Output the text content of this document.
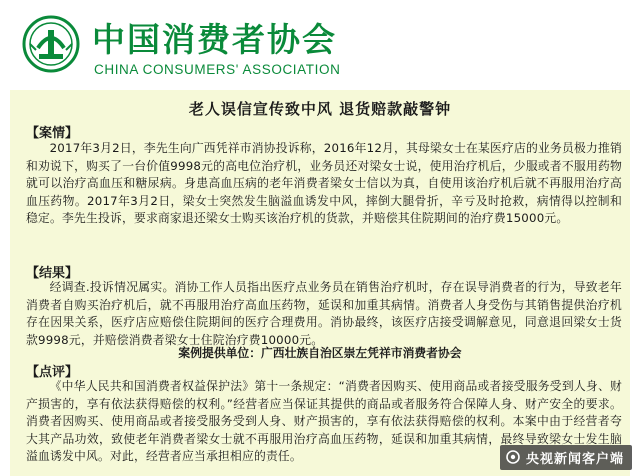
中国消费者协会
CHINA CONSUMERS' ASSOCIATION
老人误信宣传致中风 退货赔款敲警钟
【案情】
2017年3月2日，李先生向广西凭祥市消协投诉称，2016年12月，其母梁女士在某医疗店的业务员极力推销和劝说下，购买了一台价值9998元的高电位治疗机，业务员还对梁女士说，使用治疗机后，少服或者不服用药物就可以治疗高血压和糖尿病。身患高血压病的老年消费者梁女士信以为真，自使用该治疗机后就不再服用治疗高血压药物。2017年3月2日，梁女士突然发生脑溢血诱发中风，摔倒大腿骨折，辛亏及时抢救，病情得以控制和稳定。李先生投诉，要求商家退还梁女士购买该治疗机的货款，并赔偿其住院期间的治疗费15000元。
【结果】
经调查.投诉情况属实。消协工作人员指出医疗点业务员在销售治疗机时，存在误导消费者的行为，导致老年消费者自购买治疗机后，就不再服用治疗高血压药物，延误和加重其病情。消费者人身受伤与其销售提供治疗机存在因果关系，医疗店应赔偿住院期间的医疗合理费用。消协最终，该医疗店接受调解意见，同意退回梁女士货款9998元，并赔偿消费者梁女士住院治疗费10000元。
案例提供单位：广西壮族自治区崇左凭祥市消费者协会
【点评】
《中华人民共和国消费者权益保护法》第十一条规定：“消费者因购买、使用商品或者接受服务受到人身、财产损害的，享有依法获得赔偿的权利。”经营者应当保证其提供的商品或者服务符合保障人身、财产安全的要求。消费者因购买、使用商品或者接受服务受到人身、财产损害的，享有依法获得赔偿的权利。本案中由于经营者夸大其产品功效，致使老年消费者梁女士就不再服用治疗高血压药物，延误和加重其病情，最终导致梁女士发生脑溢血诱发中风。对此，经营者应当承担相应的责任。	央视新闻客户端
